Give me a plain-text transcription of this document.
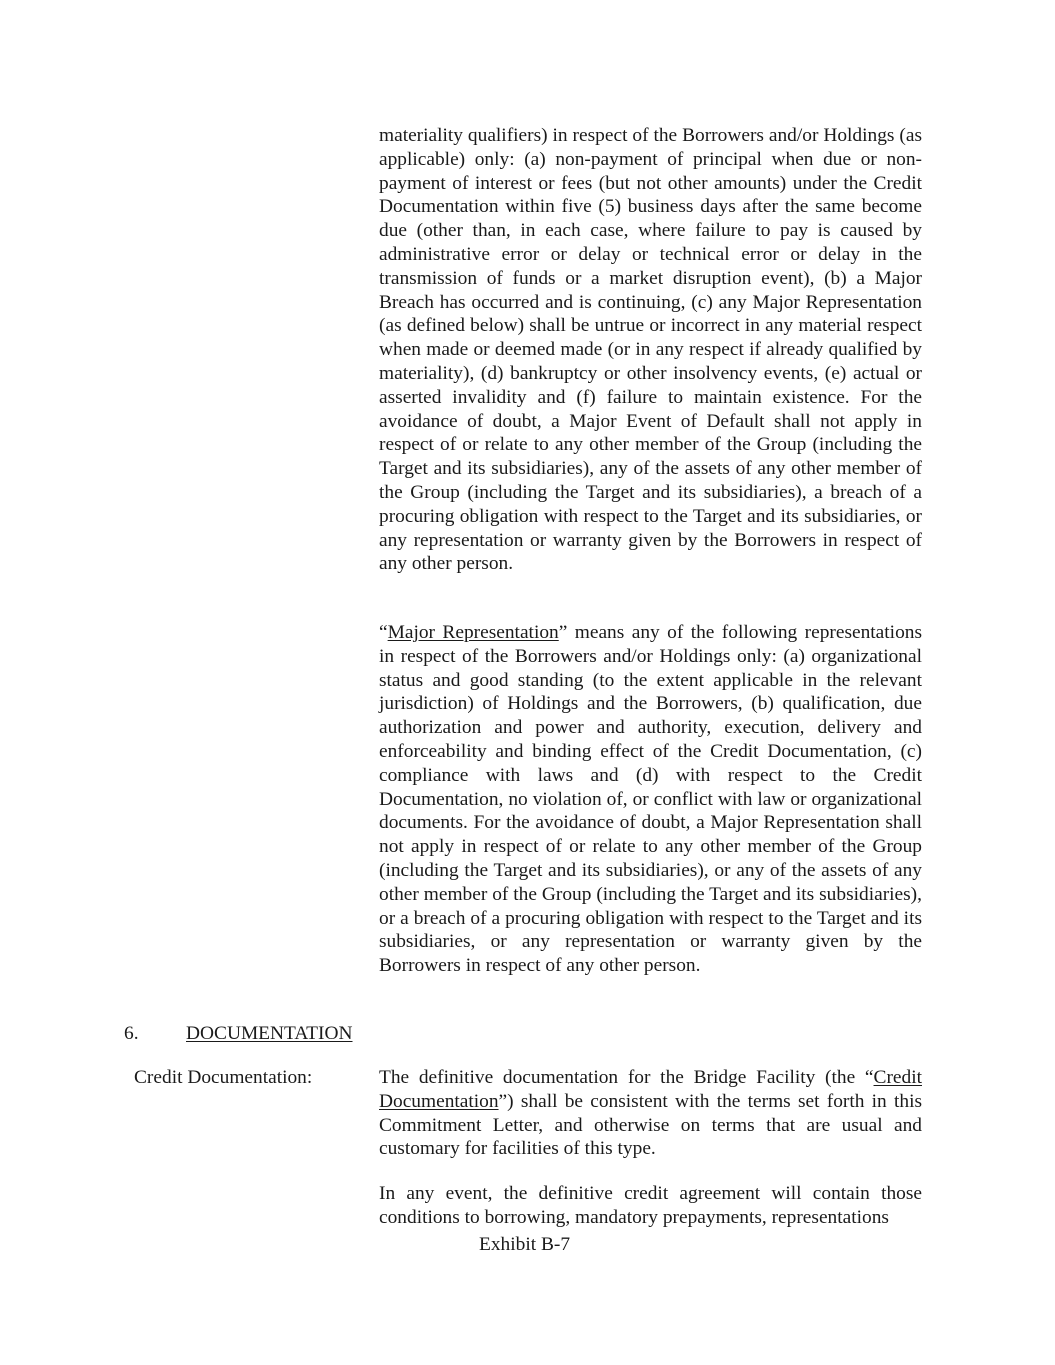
materiality qualifiers) in respect of the Borrowers and/or Holdings (as applicable) only: (a) non-payment of principal when due or non-payment of interest or fees (but not other amounts) under the Credit Documentation within five (5) business days after the same become due (other than, in each case, where failure to pay is caused by administrative error or delay or technical error or delay in the transmission of funds or a market disruption event), (b) a Major Breach has occurred and is continuing, (c) any Major Representation (as defined below) shall be untrue or incorrect in any material respect when made or deemed made (or in any respect if already qualified by materiality), (d) bankruptcy or other insolvency events, (e) actual or asserted invalidity and (f) failure to maintain existence. For the avoidance of doubt, a Major Event of Default shall not apply in respect of or relate to any other member of the Group (including the Target and its subsidiaries), any of the assets of any other member of the Group (including the Target and its subsidiaries), a breach of a procuring obligation with respect to the Target and its subsidiaries, or any representation or warranty given by the Borrowers in respect of any other person.

“Major Representation” means any of the following representations in respect of the Borrowers and/or Holdings only: (a) organizational status and good standing (to the extent applicable in the relevant jurisdiction) of Holdings and the Borrowers, (b) qualification, due authorization and power and authority, execution, delivery and enforceability and binding effect of the Credit Documentation, (c) compliance with laws and (d) with respect to the Credit Documentation, no violation of, or conflict with law or organizational documents. For the avoidance of doubt, a Major Representation shall not apply in respect of or relate to any other member of the Group (including the Target and its subsidiaries), or any of the assets of any other member of the Group (including the Target and its subsidiaries), or a breach of a procuring obligation with respect to the Target and its subsidiaries, or any representation or warranty given by the Borrowers in respect of any other person.

6. DOCUMENTATION
Credit Documentation:	The definitive documentation for the Bridge Facility (the “Credit Documentation”) shall be consistent with the terms set forth in this Commitment Letter, and otherwise on terms that are usual and customary for facilities of this type.

In any event, the definitive credit agreement will contain those conditions to borrowing, mandatory prepayments, representations

Exhibit B-7
